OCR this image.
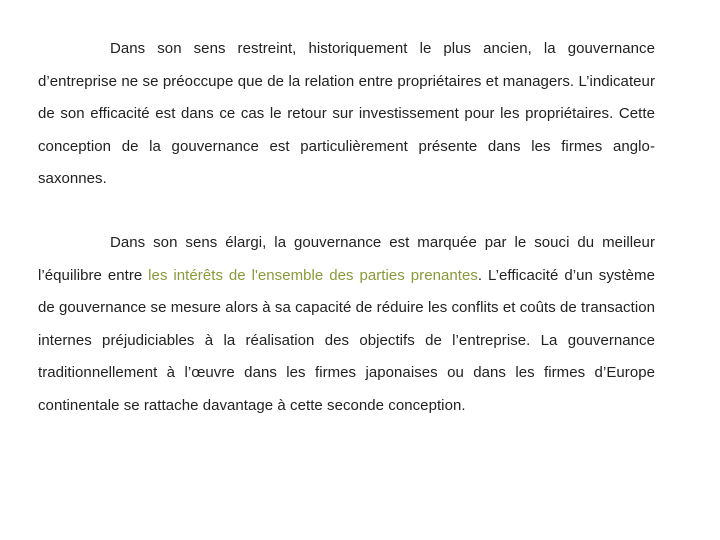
Dans son sens restreint, historiquement le plus ancien, la gouvernance d’entreprise ne se préoccupe que de la relation entre propriétaires et managers. L’indicateur de son efficacité est dans ce cas le retour sur investissement pour les propriétaires. Cette conception de la gouvernance est particulièrement présente dans les firmes anglo-saxonnes.

Dans son sens élargi, la gouvernance est marquée par le souci du meilleur l’équilibre entre les intérêts de l'ensemble des parties prenantes. L’efficacité d’un système de gouvernance se mesure alors à sa capacité de réduire les conflits et coûts de transaction internes préjudiciables à la réalisation des objectifs de l’entreprise. La gouvernance traditionnellement à l’œuvre dans les firmes japonaises ou dans les firmes d’Europe continentale se rattache davantage à cette seconde conception.
